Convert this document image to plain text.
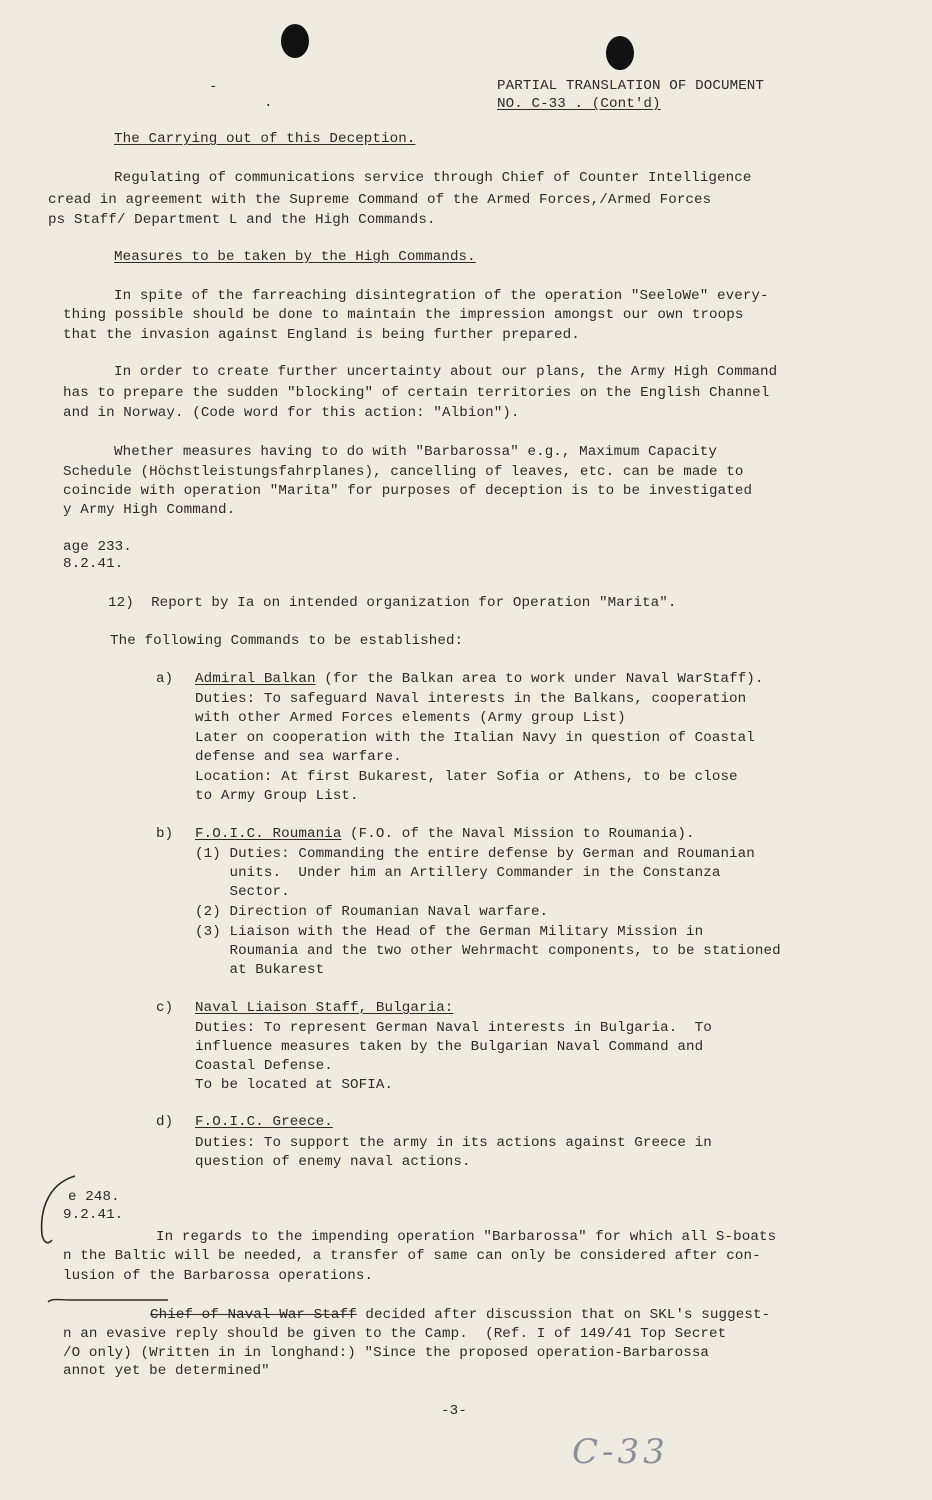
-
.
PARTIAL TRANSLATION OF DOCUMENT
NO. C-33 . (Cont'd)
The Carrying out of this Deception.
Regulating of communications service through Chief of Counter Intelligence
cread in agreement with the Supreme Command of the Armed Forces,/Armed Forces
ps Staff/ Department L and the High Commands.
Measures to be taken by the High Commands.
In spite of the farreaching disintegration of the operation "SeeloWe" every-
thing possible should be done to maintain the impression amongst our own troops
that the invasion against England is being further prepared.
In order to create further uncertainty about our plans, the Army High Command
has to prepare the sudden "blocking" of certain territories on the English Channel
and in Norway. (Code word for this action: "Albion").
Whether measures having to do with "Barbarossa" e.g., Maximum Capacity
Schedule (Höchstleistungsfahrplanes), cancelling of leaves, etc. can be made to
coincide with operation "Marita" for purposes of deception is to be investigated
y Army High Command.
age 233.
8.2.41.
12)  Report by Ia on intended organization for Operation "Marita".
The following Commands to be established:
a) Admiral Balkan (for the Balkan area to work under Naval WarStaff).
Duties: To safeguard Naval interests in the Balkans, cooperation
with other Armed Forces elements (Army group List)
Later on cooperation with the Italian Navy in question of Coastal
defense and sea warfare.
Location: At first Bukarest, later Sofia or Athens, to be close
to Army Group List.
b) F.O.I.C. Roumania (F.O. of the Naval Mission to Roumania).
(1) Duties: Commanding the entire defense by German and Roumanian
units.  Under him an Artillery Commander in the Constanza
Sector.
(2) Direction of Roumanian Naval warfare.
(3) Liaison with the Head of the German Military Mission in
Roumania and the two other Wehrmacht components, to be stationed
at Bukarest
c) Naval Liaison Staff, Bulgaria:
Duties: To represent German Naval interests in Bulgaria.  To
influence measures taken by the Bulgarian Naval Command and
Coastal Defense.
To be located at SOFIA.
d) F.O.I.C. Greece.
Duties: To support the army in its actions against Greece in
question of enemy naval actions.
e 248.
9.2.41.
In regards to the impending operation "Barbarossa" for which all S-boats
n the Baltic will be needed, a transfer of same can only be considered after con-
lusion of the Barbarossa operations.
Chief of Naval War Staff decided after discussion that on SKL's suggest-
n an evasive reply should be given to the Camp.  (Ref. I of 149/41 Top Secret
/O only) (Written in in longhand:) "Since the proposed operation-Barbarossa
annot yet be determined"
-3-
C-33
